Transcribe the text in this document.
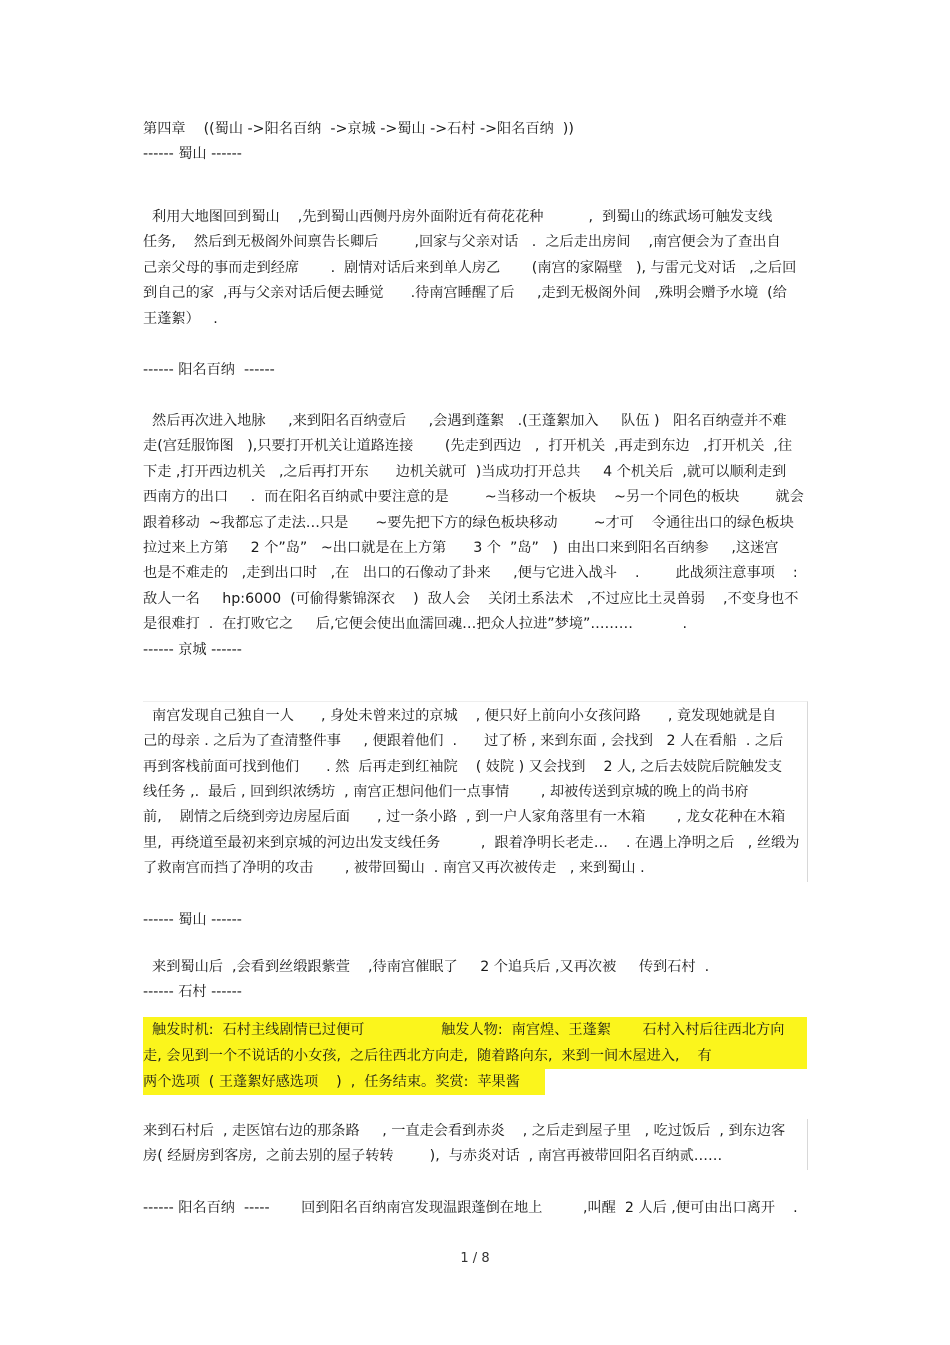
第四章    ((蜀山 ->阳名百纳  ->京城 ->蜀山 ->石村 ->阳名百纳  ))
------ 蜀山 ------
利用大地图回到蜀山    ,先到蜀山西侧丹房外面附近有荷花花种          ,  到蜀山的练武场可触发支线
任务,    然后到无极阁外间禀告长卿后        ,回家与父亲对话   .  之后走出房间    ,南宫便会为了查出自
己亲父母的事而走到经席       .  剧情对话后来到单人房乙       (南宫的家隔壁   ), 与雷元戈对话   ,之后回
到自己的家  ,再与父亲对话后便去睡觉      .待南宫睡醒了后     ,走到无极阁外间   ,殊明会赠予水境  (给
王蓬絮）   .
------ 阳名百纳  ------
然后再次进入地脉     ,来到阳名百纳壹后     ,会遇到蓬絮   .(王蓬絮加入     队伍 )   阳名百纳壹并不难
走(宫廷服饰图   ),只要打开机关让道路连接       (先走到西边   ,  打开机关  ,再走到东边   ,打开机关  ,往
下走 ,打开西边机关   ,之后再打开东      边机关就可  )当成功打开总共     4 个机关后  ,就可以顺利走到
西南方的出口     .  而在阳名百纳贰中要注意的是        ~当移动一个板块    ~另一个同色的板块        就会
跟着移动  ~我都忘了走法…只是      ~要先把下方的绿色板块移动        ~才可    令通往出口的绿色板块
拉过来上方第     2 个”岛”   ~出口就是在上方第      3 个  ”岛”   )  由出口来到阳名百纳参     ,这迷宫
也是不难走的   ,走到出口时   ,在   出口的石像动了卦来     ,便与它进入战斗    .        此战须注意事项    :
敌人一名     hp:6000  (可偷得紫锦深衣    )  敌人会    关闭土系法术   ,不过应比土灵兽弱    ,不变身也不
是很难打  .  在打败它之     后,它便会使出血濡回魂…把众人拉进”梦境”………           .
------ 京城 ------
南宫发现自己独自一人      , 身处未曾来过的京城    , 便只好上前向小女孩问路      , 竟发现她就是自
己的母亲 . 之后为了查清整件事     , 便跟着他们  .      过了桥 , 来到东面 , 会找到   2 人在看船  . 之后
再到客栈前面可找到他们      . 然  后再走到红袖院    ( 妓院 ) 又会找到    2 人, 之后去妓院后院触发支
线任务 ,.  最后 , 回到织浓绣坊  , 南宫正想问他们一点事情       , 却被传送到京城的晚上的尚书府
前,    剧情之后绕到旁边房屋后面      , 过一条小路  , 到一户人家角落里有一木箱       , 龙女花种在木箱
里,  再绕道至最初来到京城的河边出发支线任务         ,  跟着净明长老走…    . 在遇上净明之后   , 丝缎为
了救南宫而挡了净明的攻击       , 被带回蜀山  . 南宫又再次被传走   , 来到蜀山 .
------ 蜀山 ------
来到蜀山后  ,会看到丝缎跟紫萱    ,待南宫催眠了     2 个追兵后 ,又再次被     传到石村  .
------ 石村 ------
触发时机:  石村主线剧情已过便可                 触发人物:  南宫煌、王蓬絮       石村入村后往西北方向
走, 会见到一个不说话的小女孩,  之后往西北方向走,  随着路向东,  来到一间木屋进入,    有
两个选项  ( 王蓬絮好感选项    )  ,  任务结束。奖赏:  苹果酱
来到石村后  , 走医馆右边的那条路     , 一直走会看到赤炎    , 之后走到屋子里   , 吃过饭后  , 到东边客
房( 经厨房到客房,  之前去别的屋子转转        ),  与赤炎对话  , 南宫再被带回阳名百纳贰……
------ 阳名百纳  -----       回到阳名百纳南宫发现温跟蓬倒在地上         ,叫醒  2 人后 ,便可由出口离开    .
1 / 8
